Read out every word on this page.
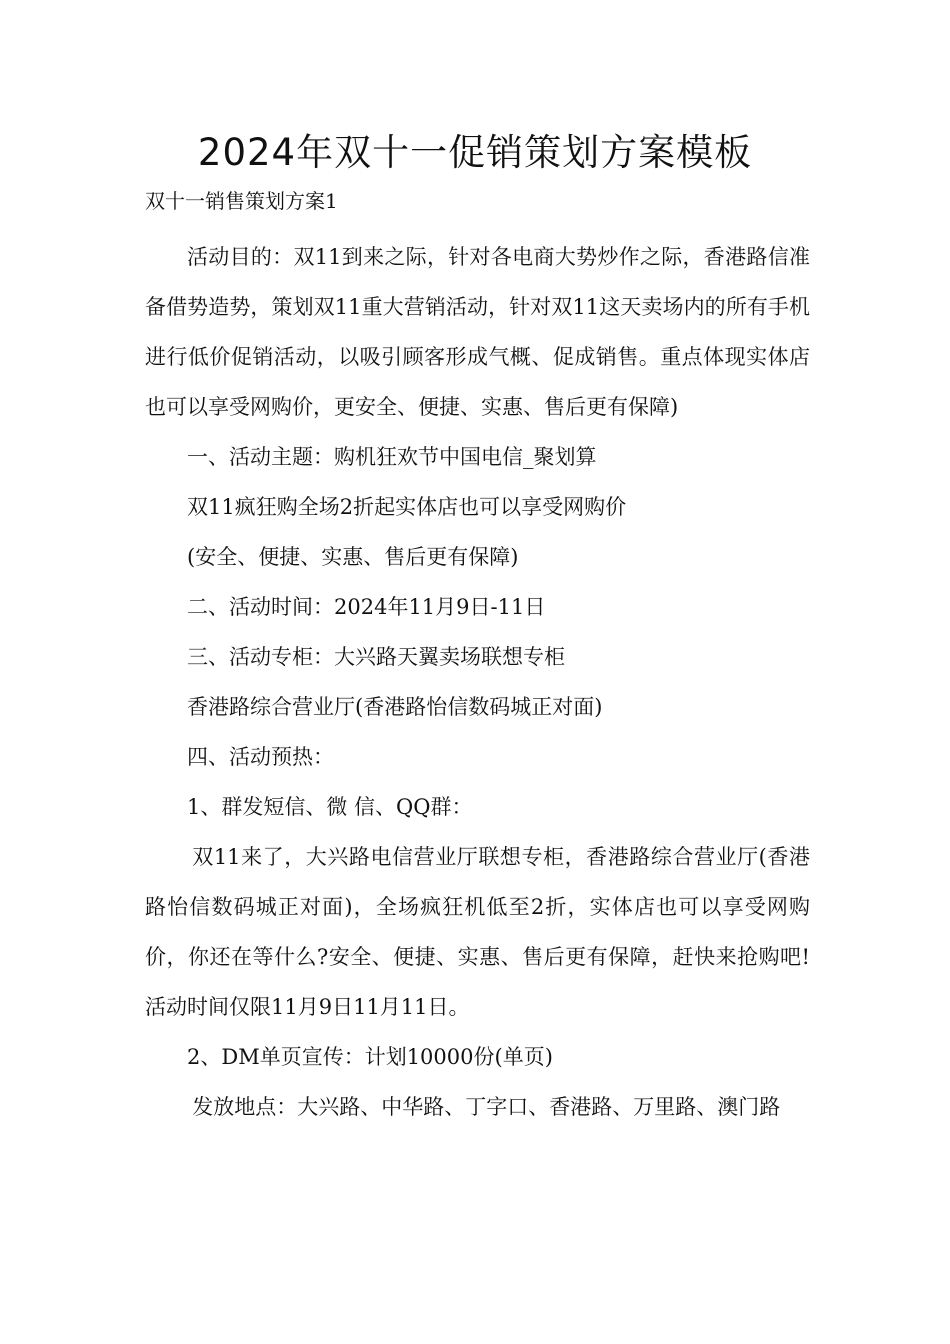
2024年双十一促销策划方案模板

双十一销售策划方案1

活动目的：双11到来之际，针对各电商大势炒作之际，香港路信准备借势造势，策划双11重大营销活动，针对双11这天卖场内的所有手机进行低价促销活动，以吸引顾客形成气概、促成销售。重点体现实体店也可以享受网购价，更安全、便捷、实惠、售后更有保障)

一、活动主题：购机狂欢节中国电信_聚划算

双11疯狂购全场2折起实体店也可以享受网购价

(安全、便捷、实惠、售后更有保障)

二、活动时间：2024年11月9日-11日

三、活动专柜：大兴路天翼卖场联想专柜

香港路综合营业厅(香港路怡信数码城正对面)

四、活动预热：

1、群发短信、微 信、QQ群：

双11来了，大兴路电信营业厅联想专柜，香港路综合营业厅(香港路怡信数码城正对面)，全场疯狂机低至2折，实体店也可以享受网购价，你还在等什么?安全、便捷、实惠、售后更有保障，赶快来抢购吧!活动时间仅限11月9日11月11日。

2、DM单页宣传：计划10000份(单页)

发放地点：大兴路、中华路、丁字口、香港路、万里路、澳门路
